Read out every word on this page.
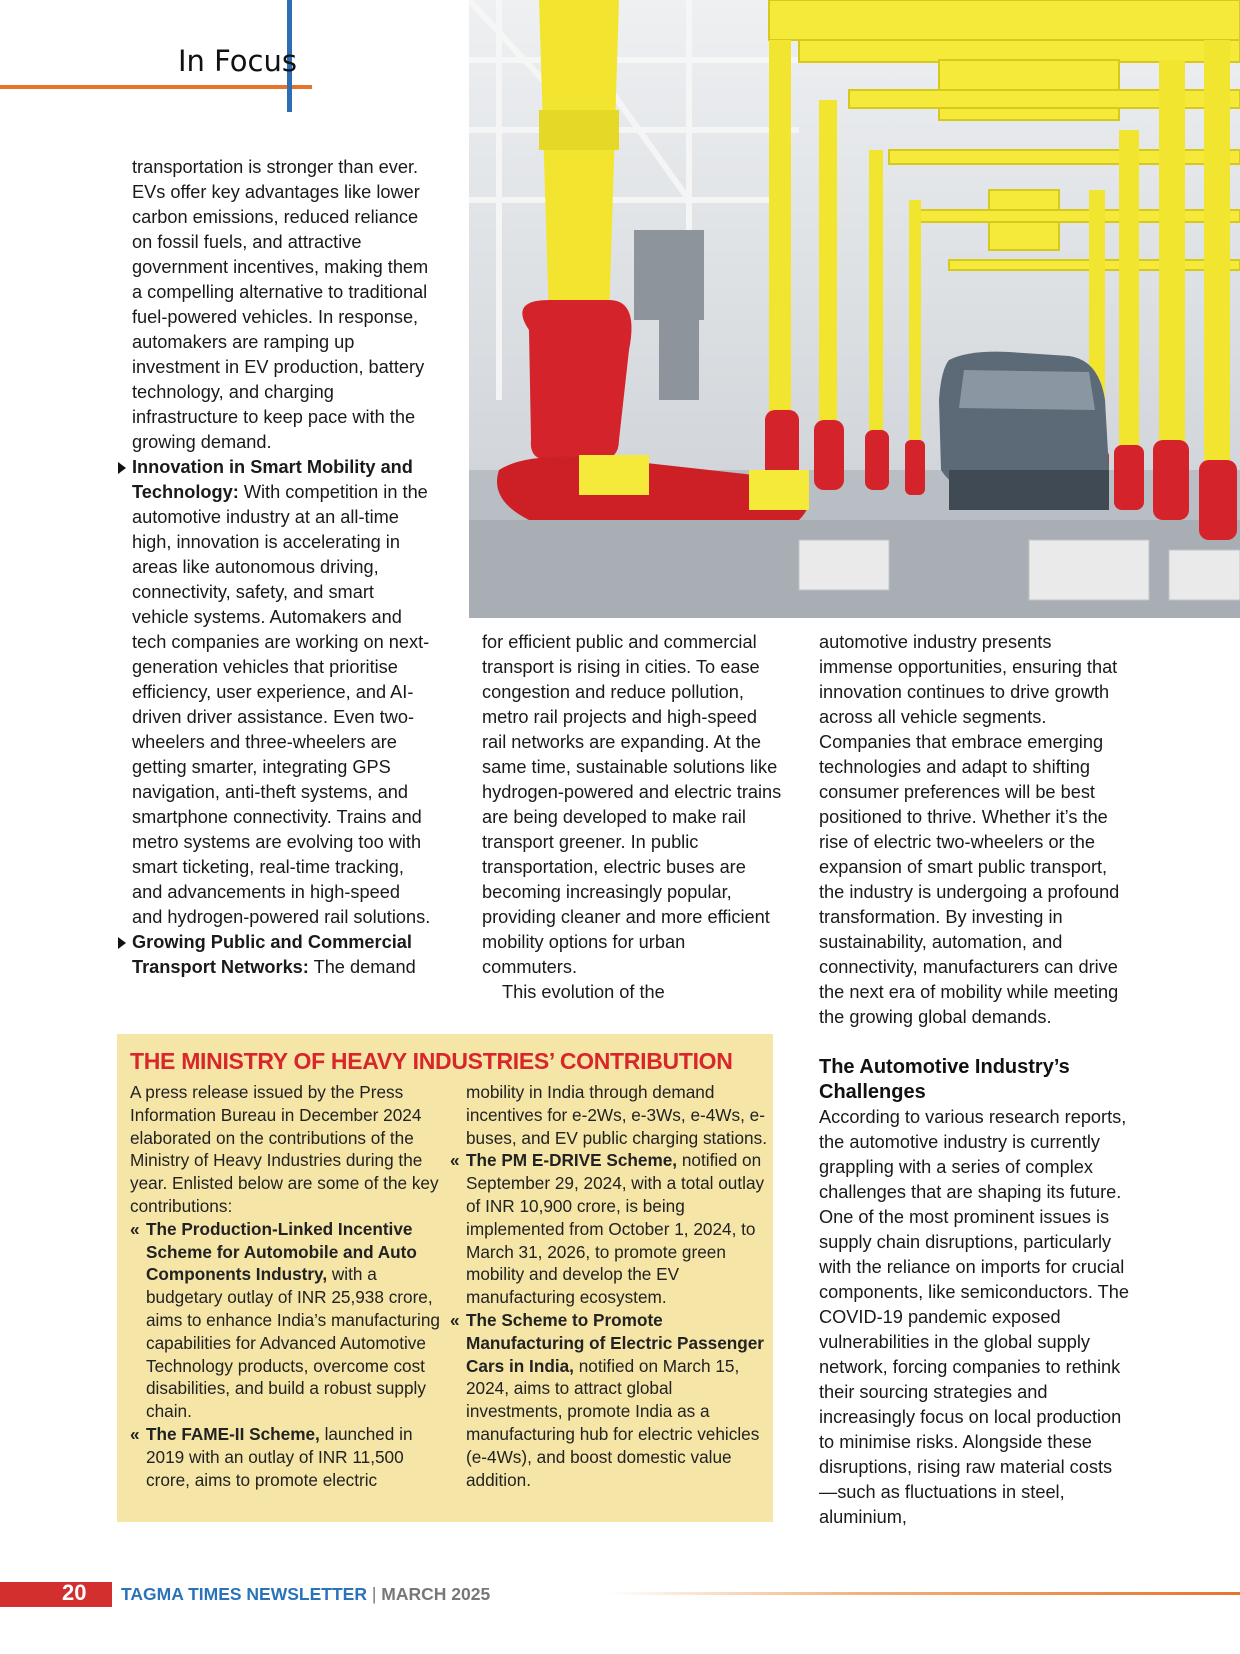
In Focus

transportation is stronger than ever. EVs offer key advantages like lower carbon emissions, reduced reliance on fossil fuels, and attractive government incentives, making them a compelling alternative to traditional fuel-powered vehicles. In response, automakers are ramping up investment in EV production, battery technology, and charging infrastructure to keep pace with the growing demand.

Innovation in Smart Mobility and Technology: With competition in the automotive industry at an all-time high, innovation is accelerating in areas like autonomous driving, connectivity, safety, and smart vehicle systems. Automakers and tech companies are working on next-generation vehicles that prioritise efficiency, user experience, and AI-driven driver assistance. Even two-wheelers and three-wheelers are getting smarter, integrating GPS navigation, anti-theft systems, and smartphone connectivity. Trains and metro systems are evolving too with smart ticketing, real-time tracking, and advancements in high-speed and hydrogen-powered rail solutions.

Growing Public and Commercial Transport Networks: The demand

for efficient public and commercial transport is rising in cities. To ease congestion and reduce pollution, metro rail projects and high-speed rail networks are expanding. At the same time, sustainable solutions like hydrogen-powered and electric trains are being developed to make rail transport greener. In public transportation, electric buses are becoming increasingly popular, providing cleaner and more efficient mobility options for urban commuters.

This evolution of the

automotive industry presents immense opportunities, ensuring that innovation continues to drive growth across all vehicle segments. Companies that embrace emerging technologies and adapt to shifting consumer preferences will be best positioned to thrive. Whether it’s the rise of electric two-wheelers or the expansion of smart public transport, the industry is undergoing a profound transformation. By investing in sustainability, automation, and connectivity, manufacturers can drive the next era of mobility while meeting the growing global demands.

THE MINISTRY OF HEAVY INDUSTRIES’ CONTRIBUTION

A press release issued by the Press Information Bureau in December 2024 elaborated on the contributions of the Ministry of Heavy Industries during the year. Enlisted below are some of the key contributions:

« The Production-Linked Incentive Scheme for Automobile and Auto Components Industry, with a budgetary outlay of INR 25,938 crore, aims to enhance India’s manufacturing capabilities for Advanced Automotive Technology products, overcome cost disabilities, and build a robust supply chain.

« The FAME-II Scheme, launched in 2019 with an outlay of INR 11,500 crore, aims to promote electric

mobility in India through demand incentives for e-2Ws, e-3Ws, e-4Ws, e-buses, and EV public charging stations.

« The PM E-DRIVE Scheme, notified on September 29, 2024, with a total outlay of INR 10,900 crore, is being implemented from October 1, 2024, to March 31, 2026, to promote green mobility and develop the EV manufacturing ecosystem.

« The Scheme to Promote Manufacturing of Electric Passenger Cars in India, notified on March 15, 2024, aims to attract global investments, promote India as a manufacturing hub for electric vehicles (e-4Ws), and boost domestic value addition.

The Automotive Industry’s Challenges

According to various research reports, the automotive industry is currently grappling with a series of complex challenges that are shaping its future. One of the most prominent issues is supply chain disruptions, particularly with the reliance on imports for crucial components, like semiconductors. The COVID-19 pandemic exposed vulnerabilities in the global supply network, forcing companies to rethink their sourcing strategies and increasingly focus on local production to minimise risks. Alongside these disruptions, rising raw material costs—such as fluctuations in steel, aluminium,

20 TAGMA TIMES NEWSLETTER | MARCH 2025
